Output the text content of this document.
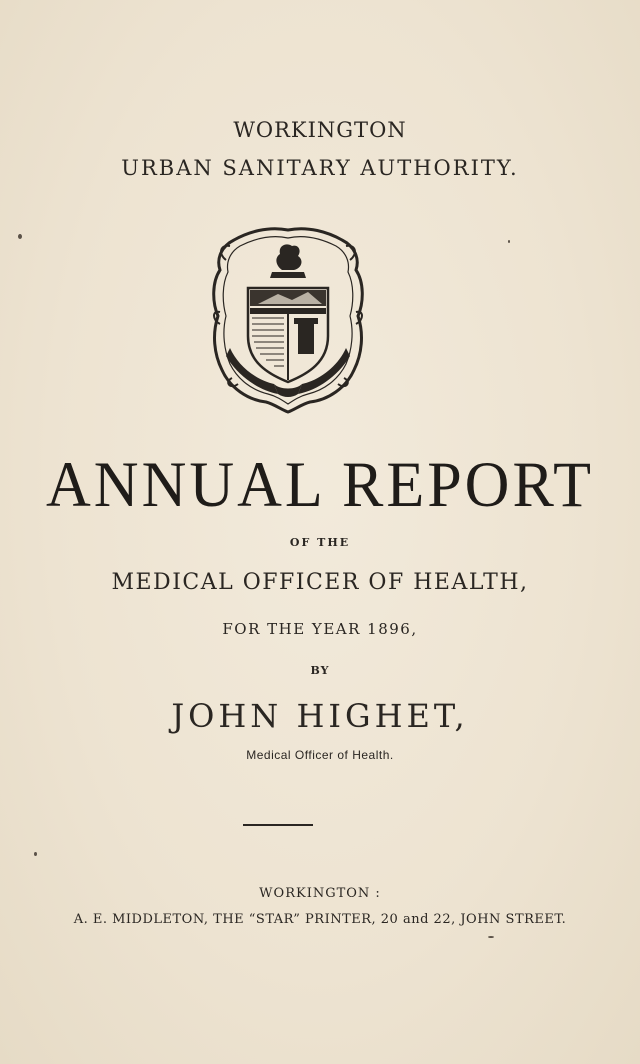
WORKINGTON
URBAN SANITARY AUTHORITY.
ANNUAL REPORT
OF THE
MEDICAL OFFICER OF HEALTH,
FOR THE YEAR 1896,
BY
JOHN HIGHET,
Medical Officer of Health.
WORKINGTON :
A. E. MIDDLETON, THE “STAR” PRINTER, 20 and 22, JOHN STREET.
